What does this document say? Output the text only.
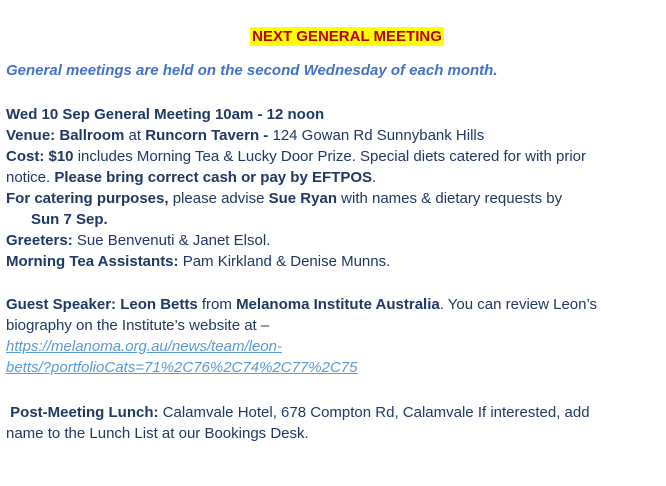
NEXT GENERAL MEETING
General meetings are held on the second Wednesday of each month.
Wed 10 Sep General Meeting 10am - 12 noon
Venue: Ballroom at Runcorn Tavern - 124 Gowan Rd Sunnybank Hills
Cost: $10 includes Morning Tea & Lucky Door Prize. Special diets catered for with prior
notice. Please bring correct cash or pay by EFTPOS.
For catering purposes, please advise Sue Ryan with names & dietary requests by
Sun 7 Sep.
Greeters: Sue Benvenuti & Janet Elsol.
Morning Tea Assistants: Pam Kirkland & Denise Munns.
Guest Speaker: Leon Betts from Melanoma Institute Australia. You can review Leon’s
biography on the Institute’s website at –
https://melanoma.org.au/news/team/leon-
betts/?portfolioCats=71%2C76%2C74%2C77%2C75
Post-Meeting Lunch: Calamvale Hotel, 678 Compton Rd, Calamvale If interested, add
name to the Lunch List at our Bookings Desk.
